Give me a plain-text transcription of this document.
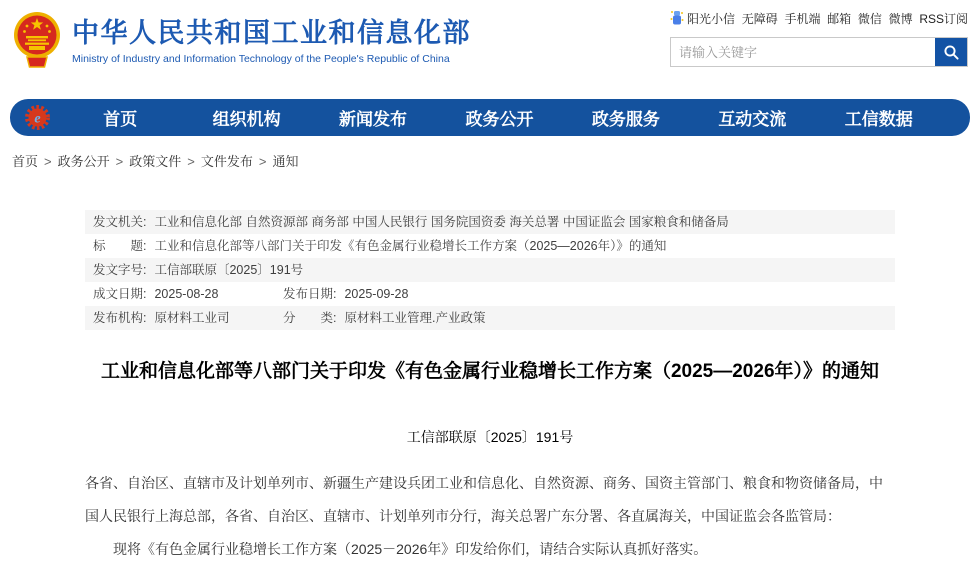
中华人民共和国工业和信息化部
Ministry of Industry and Information Technology of the People's Republic of China
阳光小信 无障碍 手机端 邮箱 微信 微博 RSS订阅
请输入关键字
e	首页	组织机构	新闻发布	政务公开	政务服务	互动交流	工信数据
首页 > 政务公开 > 政策文件 > 文件发布 > 通知
发文机关: 工业和信息化部 自然资源部 商务部 中国人民银行 国务院国资委 海关总署 中国证监会 国家粮食和储备局
标　　题: 工业和信息化部等八部门关于印发《有色金属行业稳增长工作方案（2025—2026年）》的通知
发文字号: 工信部联原〔2025〕191号
成文日期: 2025-08-28	发布日期: 2025-09-28
发布机构: 原材料工业司	分　　类: 原材料工业管理.产业政策
工业和信息化部等八部门关于印发《有色金属行业稳增长工作方案（2025—2026年）》的通知
工信部联原〔2025〕191号

各省、自治区、直辖市及计划单列市、新疆生产建设兵团工业和信息化、自然资源、商务、国资主管部门、粮食和物资储备局，中国人民银行上海总部，各省、自治区、直辖市、计划单列市分行，海关总署广东分署、各直属海关，中国证监会各监管局：

现将《有色金属行业稳增长工作方案（2025－2026年》印发给你们，请结合实际认真抓好落实。
